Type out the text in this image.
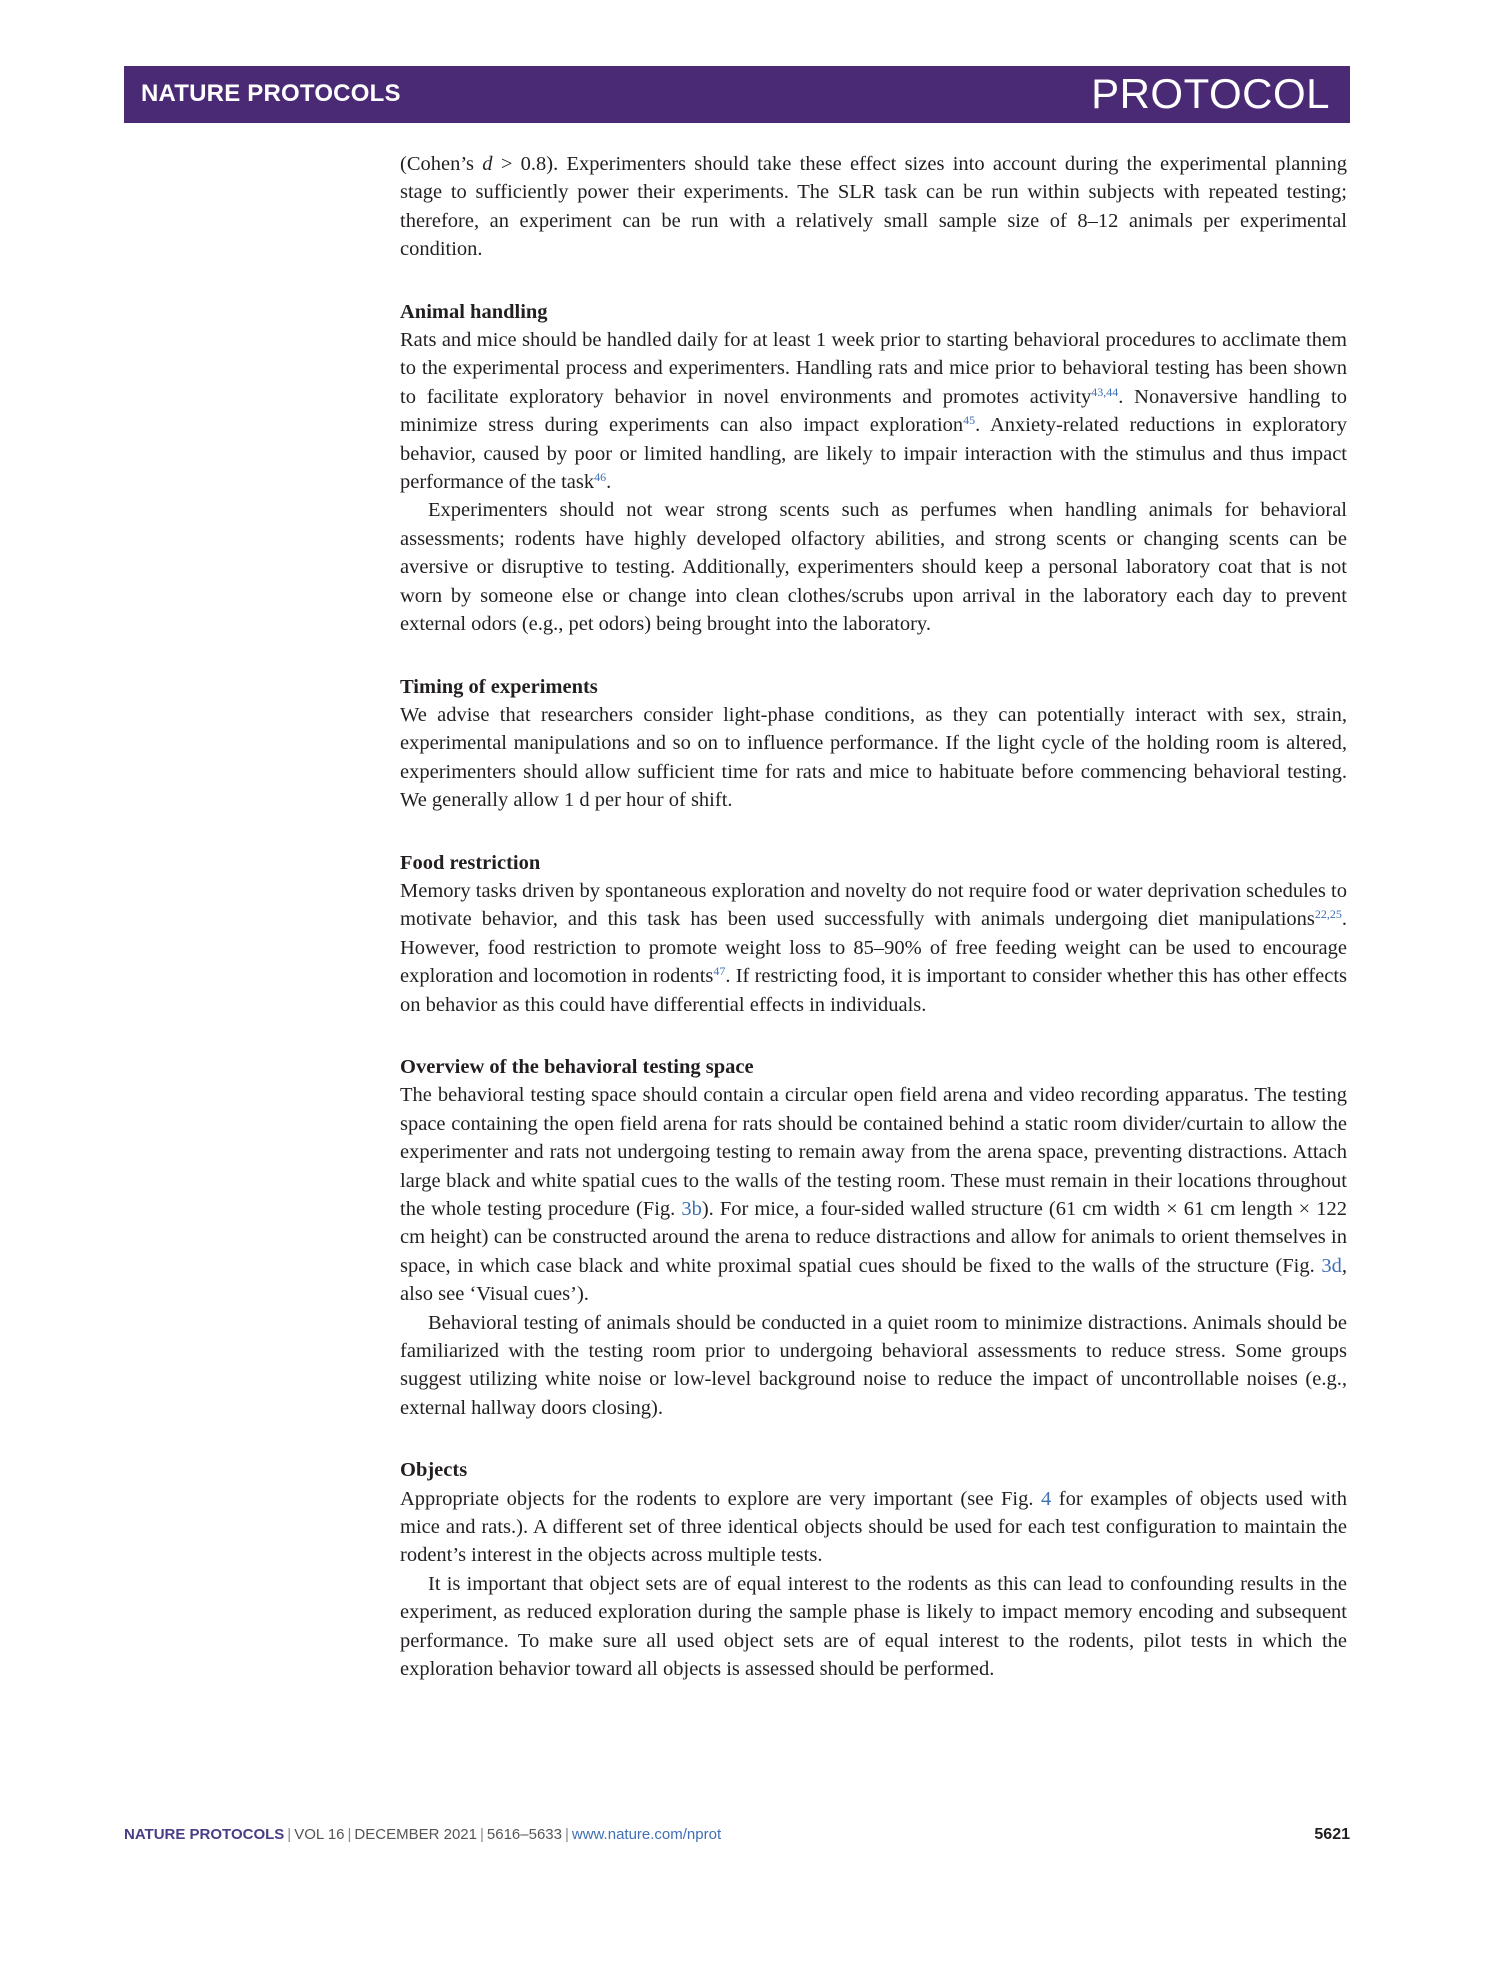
NATURE PROTOCOLS	PROTOCOL

(Cohen’s d > 0.8). Experimenters should take these effect sizes into account during the experimental planning stage to sufficiently power their experiments. The SLR task can be run within subjects with repeated testing; therefore, an experiment can be run with a relatively small sample size of 8–12 animals per experimental condition.

Animal handling

Rats and mice should be handled daily for at least 1 week prior to starting behavioral procedures to acclimate them to the experimental process and experimenters. Handling rats and mice prior to behavioral testing has been shown to facilitate exploratory behavior in novel environments and promotes activity$^{43,44}$. Nonaversive handling to minimize stress during experiments can also impact exploration$^{45}$. Anxiety-related reductions in exploratory behavior, caused by poor or limited handling, are likely to impair interaction with the stimulus and thus impact performance of the task$^{46}$.

Experimenters should not wear strong scents such as perfumes when handling animals for behavioral assessments; rodents have highly developed olfactory abilities, and strong scents or changing scents can be aversive or disruptive to testing. Additionally, experimenters should keep a personal laboratory coat that is not worn by someone else or change into clean clothes/scrubs upon arrival in the laboratory each day to prevent external odors (e.g., pet odors) being brought into the laboratory.

Timing of experiments

We advise that researchers consider light-phase conditions, as they can potentially interact with sex, strain, experimental manipulations and so on to influence performance. If the light cycle of the holding room is altered, experimenters should allow sufficient time for rats and mice to habituate before commencing behavioral testing. We generally allow 1 d per hour of shift.

Food restriction

Memory tasks driven by spontaneous exploration and novelty do not require food or water deprivation schedules to motivate behavior, and this task has been used successfully with animals undergoing diet manipulations$^{22,25}$. However, food restriction to promote weight loss to 85–90% of free feeding weight can be used to encourage exploration and locomotion in rodents$^{47}$. If restricting food, it is important to consider whether this has other effects on behavior as this could have differential effects in individuals.

Overview of the behavioral testing space

The behavioral testing space should contain a circular open field arena and video recording apparatus. The testing space containing the open field arena for rats should be contained behind a static room divider/curtain to allow the experimenter and rats not undergoing testing to remain away from the arena space, preventing distractions. Attach large black and white spatial cues to the walls of the testing room. These must remain in their locations throughout the whole testing procedure (Fig. 3b). For mice, a four-sided walled structure (61 cm width × 61 cm length × 122 cm height) can be constructed around the arena to reduce distractions and allow for animals to orient themselves in space, in which case black and white proximal spatial cues should be fixed to the walls of the structure (Fig. 3d, also see ‘Visual cues’).

Behavioral testing of animals should be conducted in a quiet room to minimize distractions. Animals should be familiarized with the testing room prior to undergoing behavioral assessments to reduce stress. Some groups suggest utilizing white noise or low-level background noise to reduce the impact of uncontrollable noises (e.g., external hallway doors closing).

Objects

Appropriate objects for the rodents to explore are very important (see Fig. 4 for examples of objects used with mice and rats.). A different set of three identical objects should be used for each test configuration to maintain the rodent’s interest in the objects across multiple tests.

It is important that object sets are of equal interest to the rodents as this can lead to confounding results in the experiment, as reduced exploration during the sample phase is likely to impact memory encoding and subsequent performance. To make sure all used object sets are of equal interest to the rodents, pilot tests in which the exploration behavior toward all objects is assessed should be performed.

NATURE PROTOCOLS | VOL 16 | DECEMBER 2021 | 5616–5633 | www.nature.com/nprot	5621
